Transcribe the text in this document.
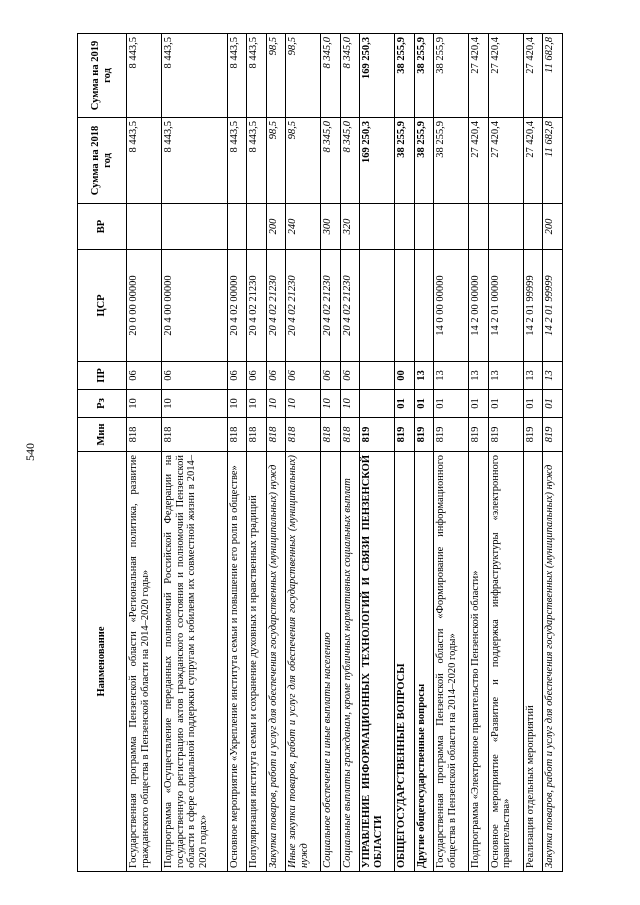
540
Наименование	Мин	Рз	ПР	ЦСР	ВР	Сумма на 2018 год	Сумма на 2019 год
Государственная программа Пензенской области «Региональная политика, развитие гражданского общества в Пензенской области на 2014–2020 годы»	818	10	06	20 0 00 00000		8 443,5	8 443,5
Подпрограмма «Осуществление переданных полномочий Российской Федерации на государственную регистрацию актов гражданского состояния и полномочий Пензенской области в сфере социальной поддержки супругам к юбилеям их совместной жизни в 2014–2020 годах»	818	10	06	20 4 00 00000		8 443,5	8 443,5
Основное мероприятие «Укрепление института семьи и повышение его роли в обществе»	818	10	06	20 4 02 00000		8 443,5	8 443,5
Популяризация института семьи и сохранение духовных и нравственных традиций	818	10	06	20 4 02 21230		8 443,5	8 443,5
Закупка товаров, работ и услуг для обеспечения государственных (муниципальных) нужд	818	10	06	20 4 02 21230	200	98,5	98,5
Иные закупки товаров, работ и услуг для обеспечения государственных (муниципальных) нужд	818	10	06	20 4 02 21230	240	98,5	98,5
Социальное обеспечение и иные выплаты населению	818	10	06	20 4 02 21230	300	8 345,0	8 345,0
Социальные выплаты гражданам, кроме публичных нормативных социальных выплат	818	10	06	20 4 02 21230	320	8 345,0	8 345,0
УПРАВЛЕНИЕ ИНФОРМАЦИОННЫХ ТЕХНОЛОГИЙ И СВЯЗИ ПЕНЗЕНСКОЙ ОБЛАСТИ	819					169 250,3	169 250,3
ОБЩЕГОСУДАРСТВЕННЫЕ ВОПРОСЫ	819	01	00			38 255,9	38 255,9
Другие общегосударственные вопросы	819	01	13			38 255,9	38 255,9
Государственная программа Пензенской области «Формирование информационного общества в Пензенской области на 2014–2020 годы»	819	01	13	14 0 00 00000		38 255,9	38 255,9
Подпрограмма «Электронное правительство Пензенской области»	819	01	13	14 2 00 00000		27 420,4	27 420,4
Основное мероприятие «Развитие и поддержка инфраструктуры «электронного правительства»	819	01	13	14 2 01 00000		27 420,4	27 420,4
Реализация отдельных мероприятий	819	01	13	14 2 01 99999		27 420,4	27 420,4
Закупка товаров, работ и услуг для обеспечения государственных (муниципальных) нужд	819	01	13	14 2 01 99999	200	11 682,8	11 682,8
